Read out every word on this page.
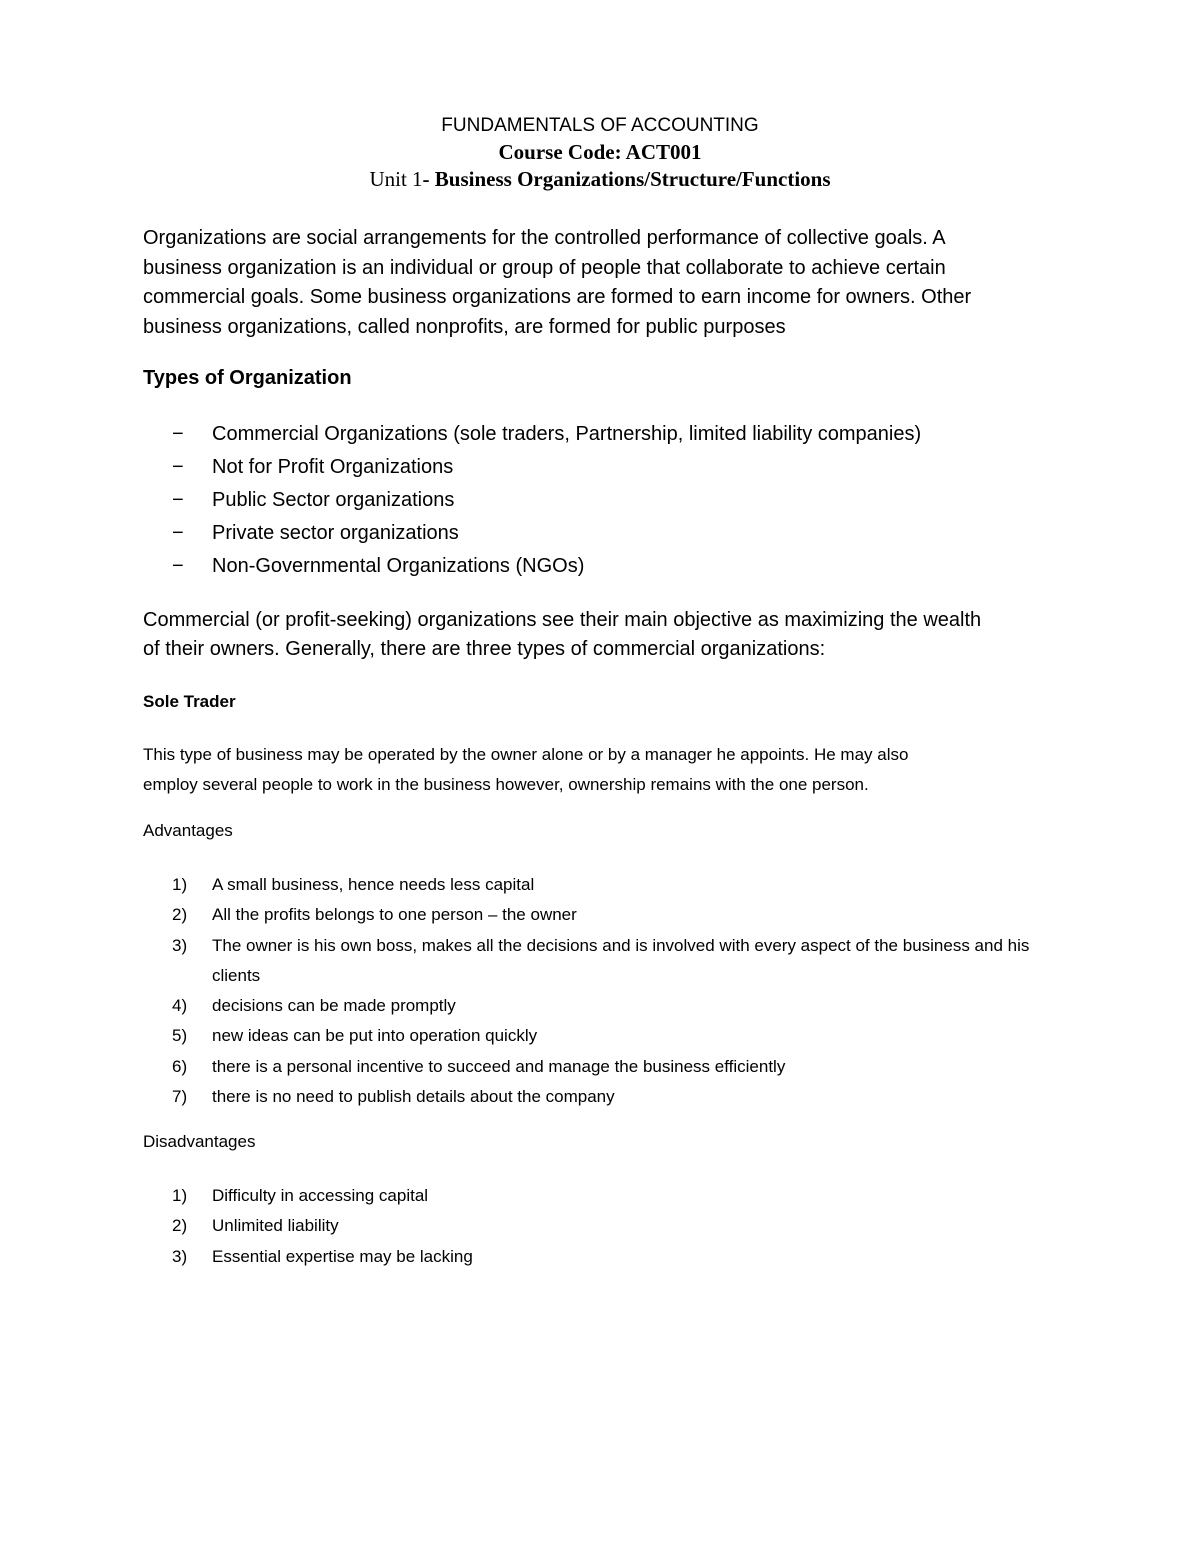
FUNDAMENTALS OF ACCOUNTING
Course Code: ACT001
Unit 1- Business Organizations/Structure/Functions
Organizations are social arrangements for the controlled performance of collective goals. A
business organization is an individual or group of people that collaborate to achieve certain
commercial goals. Some business organizations are formed to earn income for owners. Other
business organizations, called nonprofits, are formed for public purposes
Types of Organization
− Commercial Organizations (sole traders, Partnership, limited liability companies)
− Not for Profit Organizations
− Public Sector organizations
− Private sector organizations
− Non-Governmental Organizations (NGOs)
Commercial (or profit-seeking) organizations see their main objective as maximizing the wealth
of their owners. Generally, there are three types of commercial organizations:
Sole Trader
This type of business may be operated by the owner alone or by a manager he appoints. He may also
employ several people to work in the business however, ownership remains with the one person.
Advantages
1) A small business, hence needs less capital
2) All the profits belongs to one person – the owner
3) The owner is his own boss, makes all the decisions and is involved with every aspect of the business and his clients
4) decisions can be made promptly
5) new ideas can be put into operation quickly
6) there is a personal incentive to succeed and manage the business efficiently
7) there is no need to publish details about the company
Disadvantages
1) Difficulty in accessing capital
2) Unlimited liability
3) Essential expertise may be lacking
